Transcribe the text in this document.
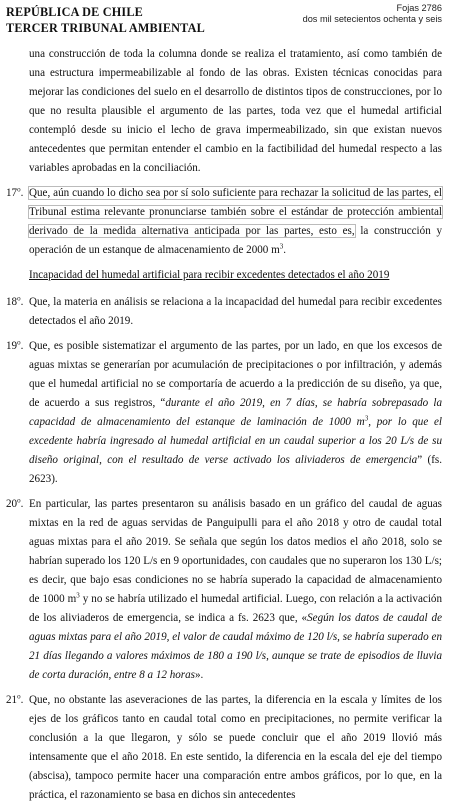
REPÚBLICA DE CHILE
TERCER TRIBUNAL AMBIENTAL
Fojas 2786
dos mil setecientos ochenta y seis
una construcción de toda la columna donde se realiza el tratamiento, así como también de una estructura impermeabilizable al fondo de las obras. Existen técnicas conocidas para mejorar las condiciones del suelo en el desarrollo de distintos tipos de construcciones, por lo que no resulta plausible el argumento de las partes, toda vez que el humedal artificial contempló desde su inicio el lecho de grava impermeabilizado, sin que existan nuevos antecedentes que permitan entender el cambio en la factibilidad del humedal respecto a las variables aprobadas en la conciliación.
17$^o$. Que, aún cuando lo dicho sea por sí solo suficiente para rechazar la solicitud de las partes, el Tribunal estima relevante pronunciarse también sobre el estándar de protección ambiental derivado de la medida alternativa anticipada por las partes, esto es, la construcción y operación de un estanque de almacenamiento de 2000 $m^3$.
Incapacidad del humedal artificial para recibir excedentes detectados el año 2019
18$^o$. Que, la materia en análisis se relaciona a la incapacidad del humedal para recibir excedentes detectados el año 2019.
19$^o$. Que, es posible sistematizar el argumento de las partes, por un lado, en que los excesos de aguas mixtas se generarían por acumulación de precipitaciones o por infiltración, y además que el humedal artificial no se comportaría de acuerdo a la predicción de su diseño, ya que, de acuerdo a sus registros, “durante el año 2019, en 7 días, se habría sobrepasado la capacidad de almacenamiento del estanque de laminación de 1000 $m^3$, por lo que el excedente habría ingresado al humedal artificial en un caudal superior a los 20 L/s de su diseño original, con el resultado de verse activado los aliviaderos de emergencia” (fs. 2623).
20$^o$. En particular, las partes presentaron su análisis basado en un gráfico del caudal de aguas mixtas en la red de aguas servidas de Panguipulli para el año 2018 y otro de caudal total aguas mixtas para el año 2019. Se señala que según los datos medios el año 2018, solo se habrían superado los 120 L/s en 9 oportunidades, con caudales que no superaron los 130 L/s; es decir, que bajo esas condiciones no se habría superado la capacidad de almacenamiento de 1000 $m^3$ y no se habría utilizado el humedal artificial. Luego, con relación a la activación de los aliviaderos de emergencia, se indica a fs. 2623 que, «Según los datos de caudal de aguas mixtas para el año 2019, el valor de caudal máximo de 120 l/s, se habría superado en 21 días llegando a valores máximos de 180 a 190 l/s, aunque se trate de episodios de lluvia de corta duración, entre 8 a 12 horas».
21$^o$. Que, no obstante las aseveraciones de las partes, la diferencia en la escala y límites de los ejes de los gráficos tanto en caudal total como en precipitaciones, no permite verificar la conclusión a la que llegaron, y sólo se puede concluir que el año 2019 llovió más intensamente que el año 2018. En este sentido, la diferencia en la escala del eje del tiempo (abscisa), tampoco permite hacer una comparación entre ambos gráficos, por lo que, en la práctica, el razonamiento se basa en dichos sin antecedentes
